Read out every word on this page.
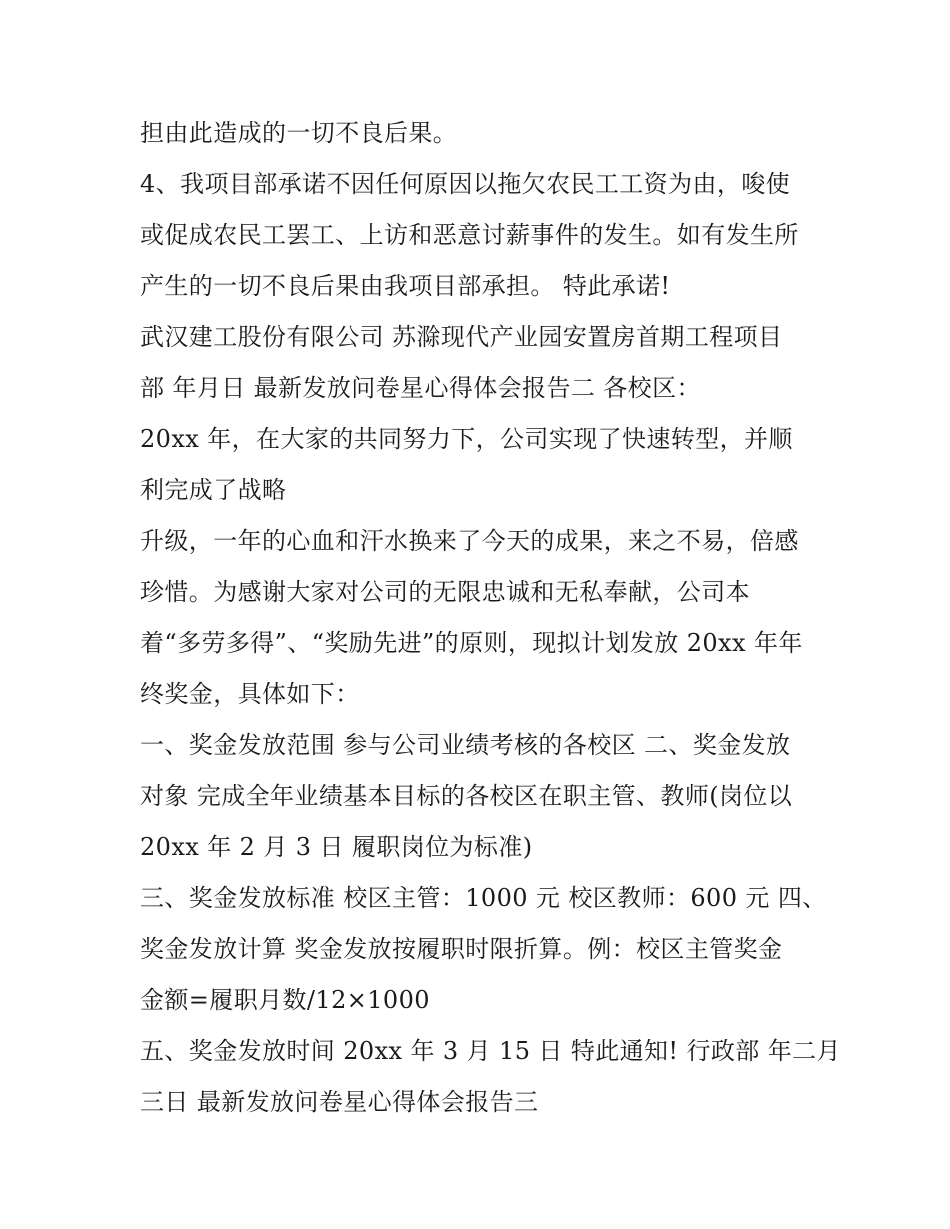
担由此造成的一切不良后果。
4、我项目部承诺不因任何原因以拖欠农民工工资为由，唆使
或促成农民工罢工、上访和恶意讨薪事件的发生。如有发生所
产生的一切不良后果由我项目部承担。 特此承诺!
武汉建工股份有限公司 苏滁现代产业园安置房首期工程项目
部 年月日 最新发放问卷星心得体会报告二 各校区：
20xx 年，在大家的共同努力下，公司实现了快速转型，并顺
利完成了战略
升级，一年的心血和汗水换来了今天的成果，来之不易，倍感
珍惜。为感谢大家对公司的无限忠诚和无私奉献，公司本
着“多劳多得”、“奖励先进”的原则，现拟计划发放 20xx 年年
终奖金，具体如下：
一、奖金发放范围 参与公司业绩考核的各校区 二、奖金发放
对象 完成全年业绩基本目标的各校区在职主管、教师(岗位以
20xx 年 2 月 3 日 履职岗位为标准)
三、奖金发放标准 校区主管：1000 元 校区教师：600 元 四、
奖金发放计算 奖金发放按履职时限折算。例：校区主管奖金
金额=履职月数/12×1000
五、奖金发放时间 20xx 年 3 月 15 日 特此通知! 行政部 年二月
三日 最新发放问卷星心得体会报告三
